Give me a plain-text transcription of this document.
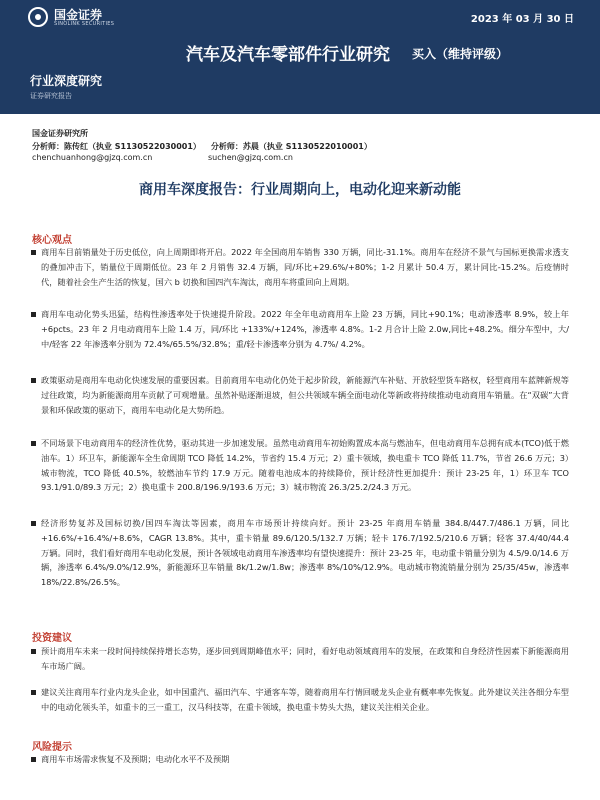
国金证券
SINOLINK SECURITIES	2023 年 03 月 30 日
汽车及汽车零部件行业研究 买入（维持评级）
行业深度研究
证券研究报告
国金证券研究所
分析师：陈传红（执业 S1130522030001） 分析师：苏晨（执业 S1130522010001）
chenchuanhong@gjzq.com.cn	suchen@gjzq.com.cn
商用车深度报告：行业周期向上，电动化迎来新动能
核心观点
商用车目前销量处于历史低位，向上周期即将开启。2022 年全国商用车销售 330 万辆，同比-31.1%。商用车在经济不景气与国标更换需求透支的叠加冲击下，销量位于周期低位。23 年 2 月销售 32.4 万辆，同/环比+29.6%/+80%；1-2 月累计 50.4 万，累计同比-15.2%。后疫情时代，随着社会生产生活的恢复，国六 b 切换和国四汽车淘汰，商用车将重回向上周期。
商用车电动化势头迅猛，结构性渗透率处于快速提升阶段。2022 年全年电动商用车上险 23 万辆，同比+90.1%；电动渗透率 8.9%，较上年+6pcts。23 年 2 月电动商用车上险 1.4 万，同/环比 +133%/+124%，渗透率 4.8%。1-2 月合计上险 2.0w,同比+48.2%。细分车型中，大/中/轻客 22 年渗透率分别为 72.4%/65.5%/32.8%；重/轻卡渗透率分别为 4.7%/ 4.2%。
政策驱动是商用车电动化快速发展的重要因素。目前商用车电动化仍处于起步阶段，新能源汽车补贴、开放轻型货车路权，轻型商用车蓝牌新规等过往政策，均为新能源商用车贡献了可观增量。虽然补贴逐渐退坡，但公共领域车辆全面电动化等新政将持续推动电动商用车销量。在“双碳”大背景和环保政策的驱动下，商用车电动化是大势所趋。
不同场景下电动商用车的经济性优势，驱动其进一步加速发展。虽然电动商用车初始购置成本高与燃油车，但电动商用车总拥有成本(TCO)低于燃油车。1）环卫车，新能源车全生命周期 TCO 降低 14.2%，节省约 15.4 万元；2）重卡领域，换电重卡 TCO 降低 11.7%，节省 26.6 万元；3）城市物流，TCO 降低 40.5%，较燃油车节约 17.9 万元。随着电池成本的持续降价，预计经济性更加提升：预计 23-25 年，1）环卫车 TCO 93.1/91.0/89.3 万元；2）换电重卡 200.8/196.9/193.6 万元；3）城市物流 26.3/25.2/24.3 万元。
经济形势复苏及国标切换/国四车淘汰等因素，商用车市场预计持续向好。预计 23-25 年商用车销量 384.8/447.7/486.1 万辆，同比+16.6%/+16.4%/+8.6%，CAGR 13.8%。其中，重卡销量 89.6/120.5/132.7 万辆；轻卡 176.7/192.5/210.6 万辆；轻客 37.4/40/44.4 万辆。同时，我们看好商用车电动化发展，预计各领域电动商用车渗透率均有望快速提升：预计 23-25 年，电动重卡销量分别为 4.5/9.0/14.6 万辆，渗透率 6.4%/9.0%/12.9%，新能源环卫车销量 8k/1.2w/1.8w；渗透率 8%/10%/12.9%。电动城市物流销量分别为 25/35/45w，渗透率 18%/22.8%/26.5%。
投资建议
预计商用车未来一段时间持续保持增长态势，逐步回到周期峰值水平；同时，看好电动领域商用车的发展，在政策和自身经济性因素下新能源商用车市场广阔。
建议关注商用车行业内龙头企业，如中国重汽、福田汽车、宇通客车等，随着商用车行情回暖龙头企业有概率率先恢复。此外建议关注各细分车型中的电动化领头羊，如重卡的三一重工，汉马科技等，在重卡领域，换电重卡势头大热，建议关注相关企业。
风险提示
商用车市场需求恢复不及预期；电动化水平不及预期
